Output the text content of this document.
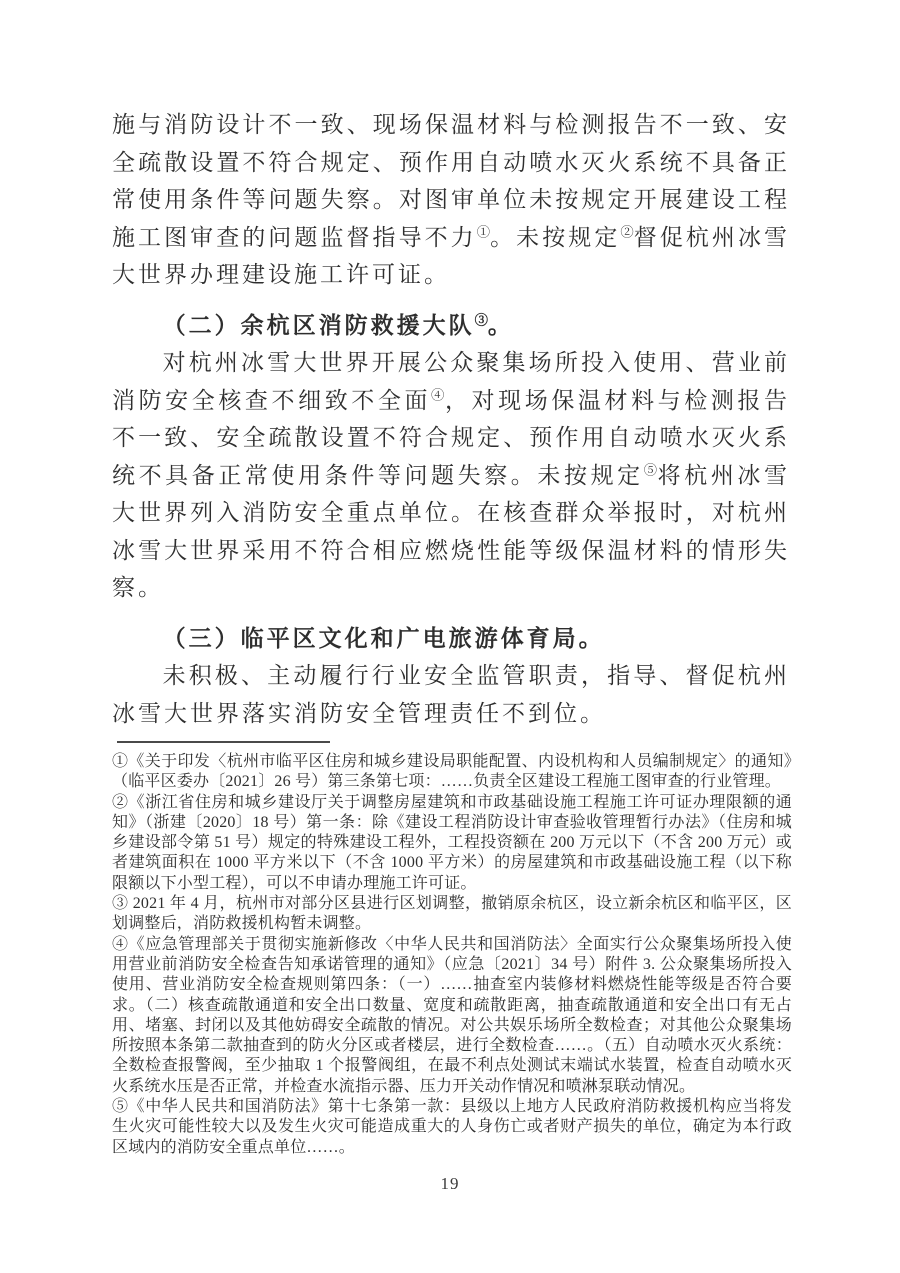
施与消防设计不一致、现场保温材料与检测报告不一致、安全疏散设置不符合规定、预作用自动喷水灭火系统不具备正常使用条件等问题失察。对图审单位未按规定开展建设工程施工图审查的问题监督指导不力①。未按规定②督促杭州冰雪大世界办理建设施工许可证。

（二）余杭区消防救援大队③。

对杭州冰雪大世界开展公众聚集场所投入使用、营业前消防安全核查不细致不全面④，对现场保温材料与检测报告不一致、安全疏散设置不符合规定、预作用自动喷水灭火系统不具备正常使用条件等问题失察。未按规定⑤将杭州冰雪大世界列入消防安全重点单位。在核查群众举报时，对杭州冰雪大世界采用不符合相应燃烧性能等级保温材料的情形失察。

（三）临平区文化和广电旅游体育局。

未积极、主动履行行业安全监管职责，指导、督促杭州冰雪大世界落实消防安全管理责任不到位。

①《关于印发〈杭州市临平区住房和城乡建设局职能配置、内设机构和人员编制规定〉的通知》（临平区委办〔2021〕26 号）第三条第七项：……负责全区建设工程施工图审查的行业管理。

②《浙江省住房和城乡建设厅关于调整房屋建筑和市政基础设施工程施工许可证办理限额的通知》（浙建〔2020〕18 号）第一条：除《建设工程消防设计审查验收管理暂行办法》（住房和城乡建设部令第 51 号）规定的特殊建设工程外，工程投资额在 200 万元以下（不含 200 万元）或者建筑面积在 1000 平方米以下（不含 1000 平方米）的房屋建筑和市政基础设施工程（以下称限额以下小型工程），可以不申请办理施工许可证。

③ 2021 年 4 月，杭州市对部分区县进行区划调整，撤销原余杭区，设立新余杭区和临平区，区划调整后，消防救援机构暂未调整。

④《应急管理部关于贯彻实施新修改〈中华人民共和国消防法〉全面实行公众聚集场所投入使用营业前消防安全检查告知承诺管理的通知》（应急〔2021〕34 号）附件 3. 公众聚集场所投入使用、营业消防安全检查规则第四条：（一）……抽查室内装修材料燃烧性能等级是否符合要求。（二）核查疏散通道和安全出口数量、宽度和疏散距离，抽查疏散通道和安全出口有无占用、堵塞、封闭以及其他妨碍安全疏散的情况。对公共娱乐场所全数检查；对其他公众聚集场所按照本条第二款抽查到的防火分区或者楼层，进行全数检查……。（五）自动喷水灭火系统：全数检查报警阀，至少抽取 1 个报警阀组，在最不利点处测试末端试水装置，检查自动喷水灭火系统水压是否正常，并检查水流指示器、压力开关动作情况和喷淋泵联动情况。

⑤《中华人民共和国消防法》第十七条第一款：县级以上地方人民政府消防救援机构应当将发生火灾可能性较大以及发生火灾可能造成重大的人身伤亡或者财产损失的单位，确定为本行政区域内的消防安全重点单位……。

19
